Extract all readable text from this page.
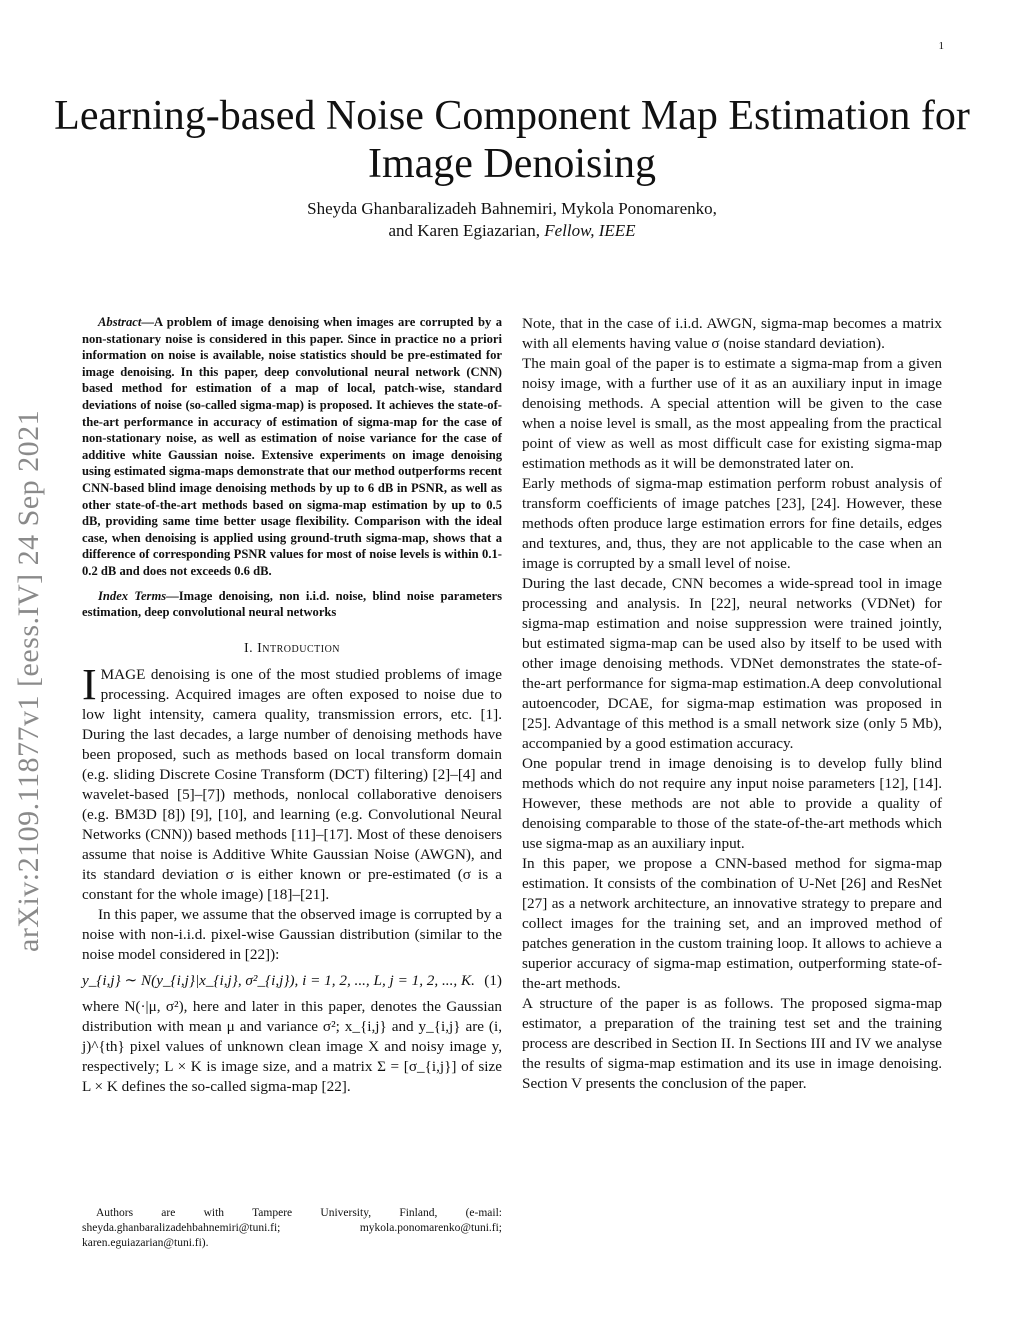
1
arXiv:2109.11877v1 [eess.IV] 24 Sep 2021
Learning-based Noise Component Map Estimation for Image Denoising
Sheyda Ghanbaralizadeh Bahnemiri, Mykola Ponomarenko,
and Karen Egiazarian, Fellow, IEEE

Abstract—A problem of image denoising when images are corrupted by a non-stationary noise is considered in this paper. Since in practice no a priori information on noise is available, noise statistics should be pre-estimated for image denoising. In this paper, deep convolutional neural network (CNN) based method for estimation of a map of local, patch-wise, standard deviations of noise (so-called sigma-map) is proposed. It achieves the state-of-the-art performance in accuracy of estimation of sigma-map for the case of non-stationary noise, as well as estimation of noise variance for the case of additive white Gaussian noise. Extensive experiments on image denoising using estimated sigma-maps demonstrate that our method outperforms recent CNN-based blind image denoising methods by up to 6 dB in PSNR, as well as other state-of-the-art methods based on sigma-map estimation by up to 0.5 dB, providing same time better usage flexibility. Comparison with the ideal case, when denoising is applied using ground-truth sigma-map, shows that a difference of corresponding PSNR values for most of noise levels is within 0.1-0.2 dB and does not exceeds 0.6 dB.

Index Terms—Image denoising, non i.i.d. noise, blind noise parameters estimation, deep convolutional neural networks

I. Introduction

IMAGE denoising is one of the most studied problems of image processing. Acquired images are often exposed to noise due to low light intensity, camera quality, transmission errors, etc. [1]. During the last decades, a large number of denoising methods have been proposed, such as methods based on local transform domain (e.g. sliding Discrete Cosine Transform (DCT) filtering) [2]–[4] and wavelet-based [5]–[7]) methods, nonlocal collaborative denoisers (e.g. BM3D [8]) [9], [10], and learning (e.g. Convolutional Neural Networks (CNN)) based methods [11]–[17]. Most of these denoisers assume that noise is Additive White Gaussian Noise (AWGN), and its standard deviation σ is either known or pre-estimated (σ is a constant for the whole image) [18]–[21].

In this paper, we assume that the observed image is corrupted by a noise with non-i.i.d. pixel-wise Gaussian distribution (similar to the noise model considered in [22]):

y_{i,j} ∼ N(y_{i,j}|x_{i,j}, σ²_{i,j}), i = 1, 2, ..., L, j = 1, 2, ..., K. (1)

where N(·|μ, σ²), here and later in this paper, denotes the Gaussian distribution with mean μ and variance σ²; x_{i,j} and y_{i,j} are (i, j)^{th} pixel values of unknown clean image X and noisy image y, respectively; L × K is image size, and a matrix Σ = [σ_{i,j}] of size L × K defines the so-called sigma-map [22].

Note, that in the case of i.i.d. AWGN, sigma-map becomes a matrix with all elements having value σ (noise standard deviation).

The main goal of the paper is to estimate a sigma-map from a given noisy image, with a further use of it as an auxiliary input in image denoising methods. A special attention will be given to the case when a noise level is small, as the most appealing from the practical point of view as well as most difficult case for existing sigma-map estimation methods as it will be demonstrated later on.

Early methods of sigma-map estimation perform robust analysis of transform coefficients of image patches [23], [24]. However, these methods often produce large estimation errors for fine details, edges and textures, and, thus, they are not applicable to the case when an image is corrupted by a small level of noise.

During the last decade, CNN becomes a wide-spread tool in image processing and analysis. In [22], neural networks (VDNet) for sigma-map estimation and noise suppression were trained jointly, but estimated sigma-map can be used also by itself to be used with other image denoising methods. VDNet demonstrates the state-of-the-art performance for sigma-map estimation.A deep convolutional autoencoder, DCAE, for sigma-map estimation was proposed in [25]. Advantage of this method is a small network size (only 5 Mb), accompanied by a good estimation accuracy.

One popular trend in image denoising is to develop fully blind methods which do not require any input noise parameters [12], [14]. However, these methods are not able to provide a quality of denoising comparable to those of the state-of-the-art methods which use sigma-map as an auxiliary input.

In this paper, we propose a CNN-based method for sigma-map estimation. It consists of the combination of U-Net [26] and ResNet [27] as a network architecture, an innovative strategy to prepare and collect images for the training set, and an improved method of patches generation in the custom training loop. It allows to achieve a superior accuracy of sigma-map estimation, outperforming state-of-the-art methods.

A structure of the paper is as follows. The proposed sigma-map estimator, a preparation of the training test set and the training process are described in Section II. In Sections III and IV we analyse the results of sigma-map estimation and its use in image denoising. Section V presents the conclusion of the paper.

Authors are with Tampere University, Finland, (e-mail: sheyda.ghanbaralizadehbahnemiri@tuni.fi; mykola.ponomarenko@tuni.fi; karen.eguiazarian@tuni.fi).
